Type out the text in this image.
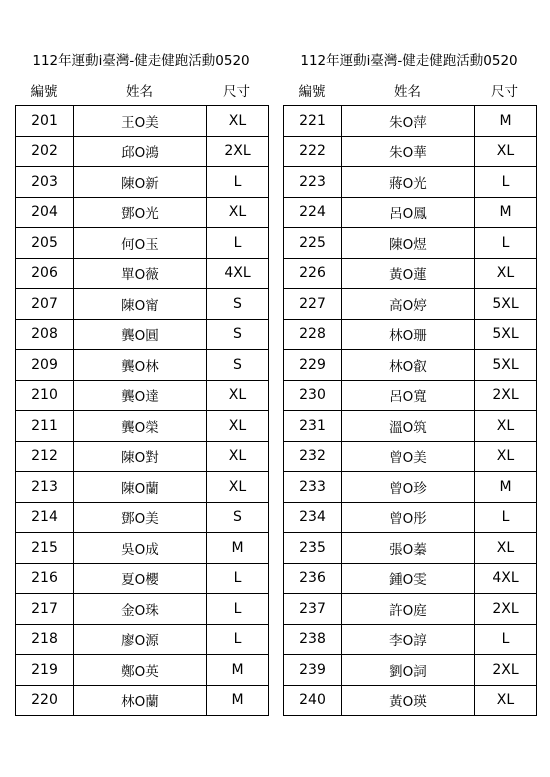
112年運動i臺灣-健走健跑活動0520
編號	姓名	尺寸
201	王O美	XL
202	邱O鴻	2XL
203	陳O新	L
204	鄧O光	XL
205	何O玉	L
206	單O薇	4XL
207	陳O甯	S
208	龔O圓	S
209	龔O林	S
210	龔O達	XL
211	龔O榮	XL
212	陳O對	XL
213	陳O蘭	XL
214	鄧O美	S
215	吳O成	M
216	夏O櫻	L
217	金O珠	L
218	廖O源	L
219	鄭O英	M
220	林O蘭	M
112年運動i臺灣-健走健跑活動0520
編號	姓名	尺寸
221	朱O萍	M
222	朱O華	XL
223	蔣O光	L
224	呂O鳳	M
225	陳O煜	L
226	黃O蓮	XL
227	高O婷	5XL
228	林O珊	5XL
229	林O叡	5XL
230	呂O寬	2XL
231	溫O筑	XL
232	曾O美	XL
233	曾O珍	M
234	曾O彤	L
235	張O蓁	XL
236	鍾O雯	4XL
237	許O庭	2XL
238	李O諄	L
239	劉O詞	2XL
240	黃O瑛	XL
